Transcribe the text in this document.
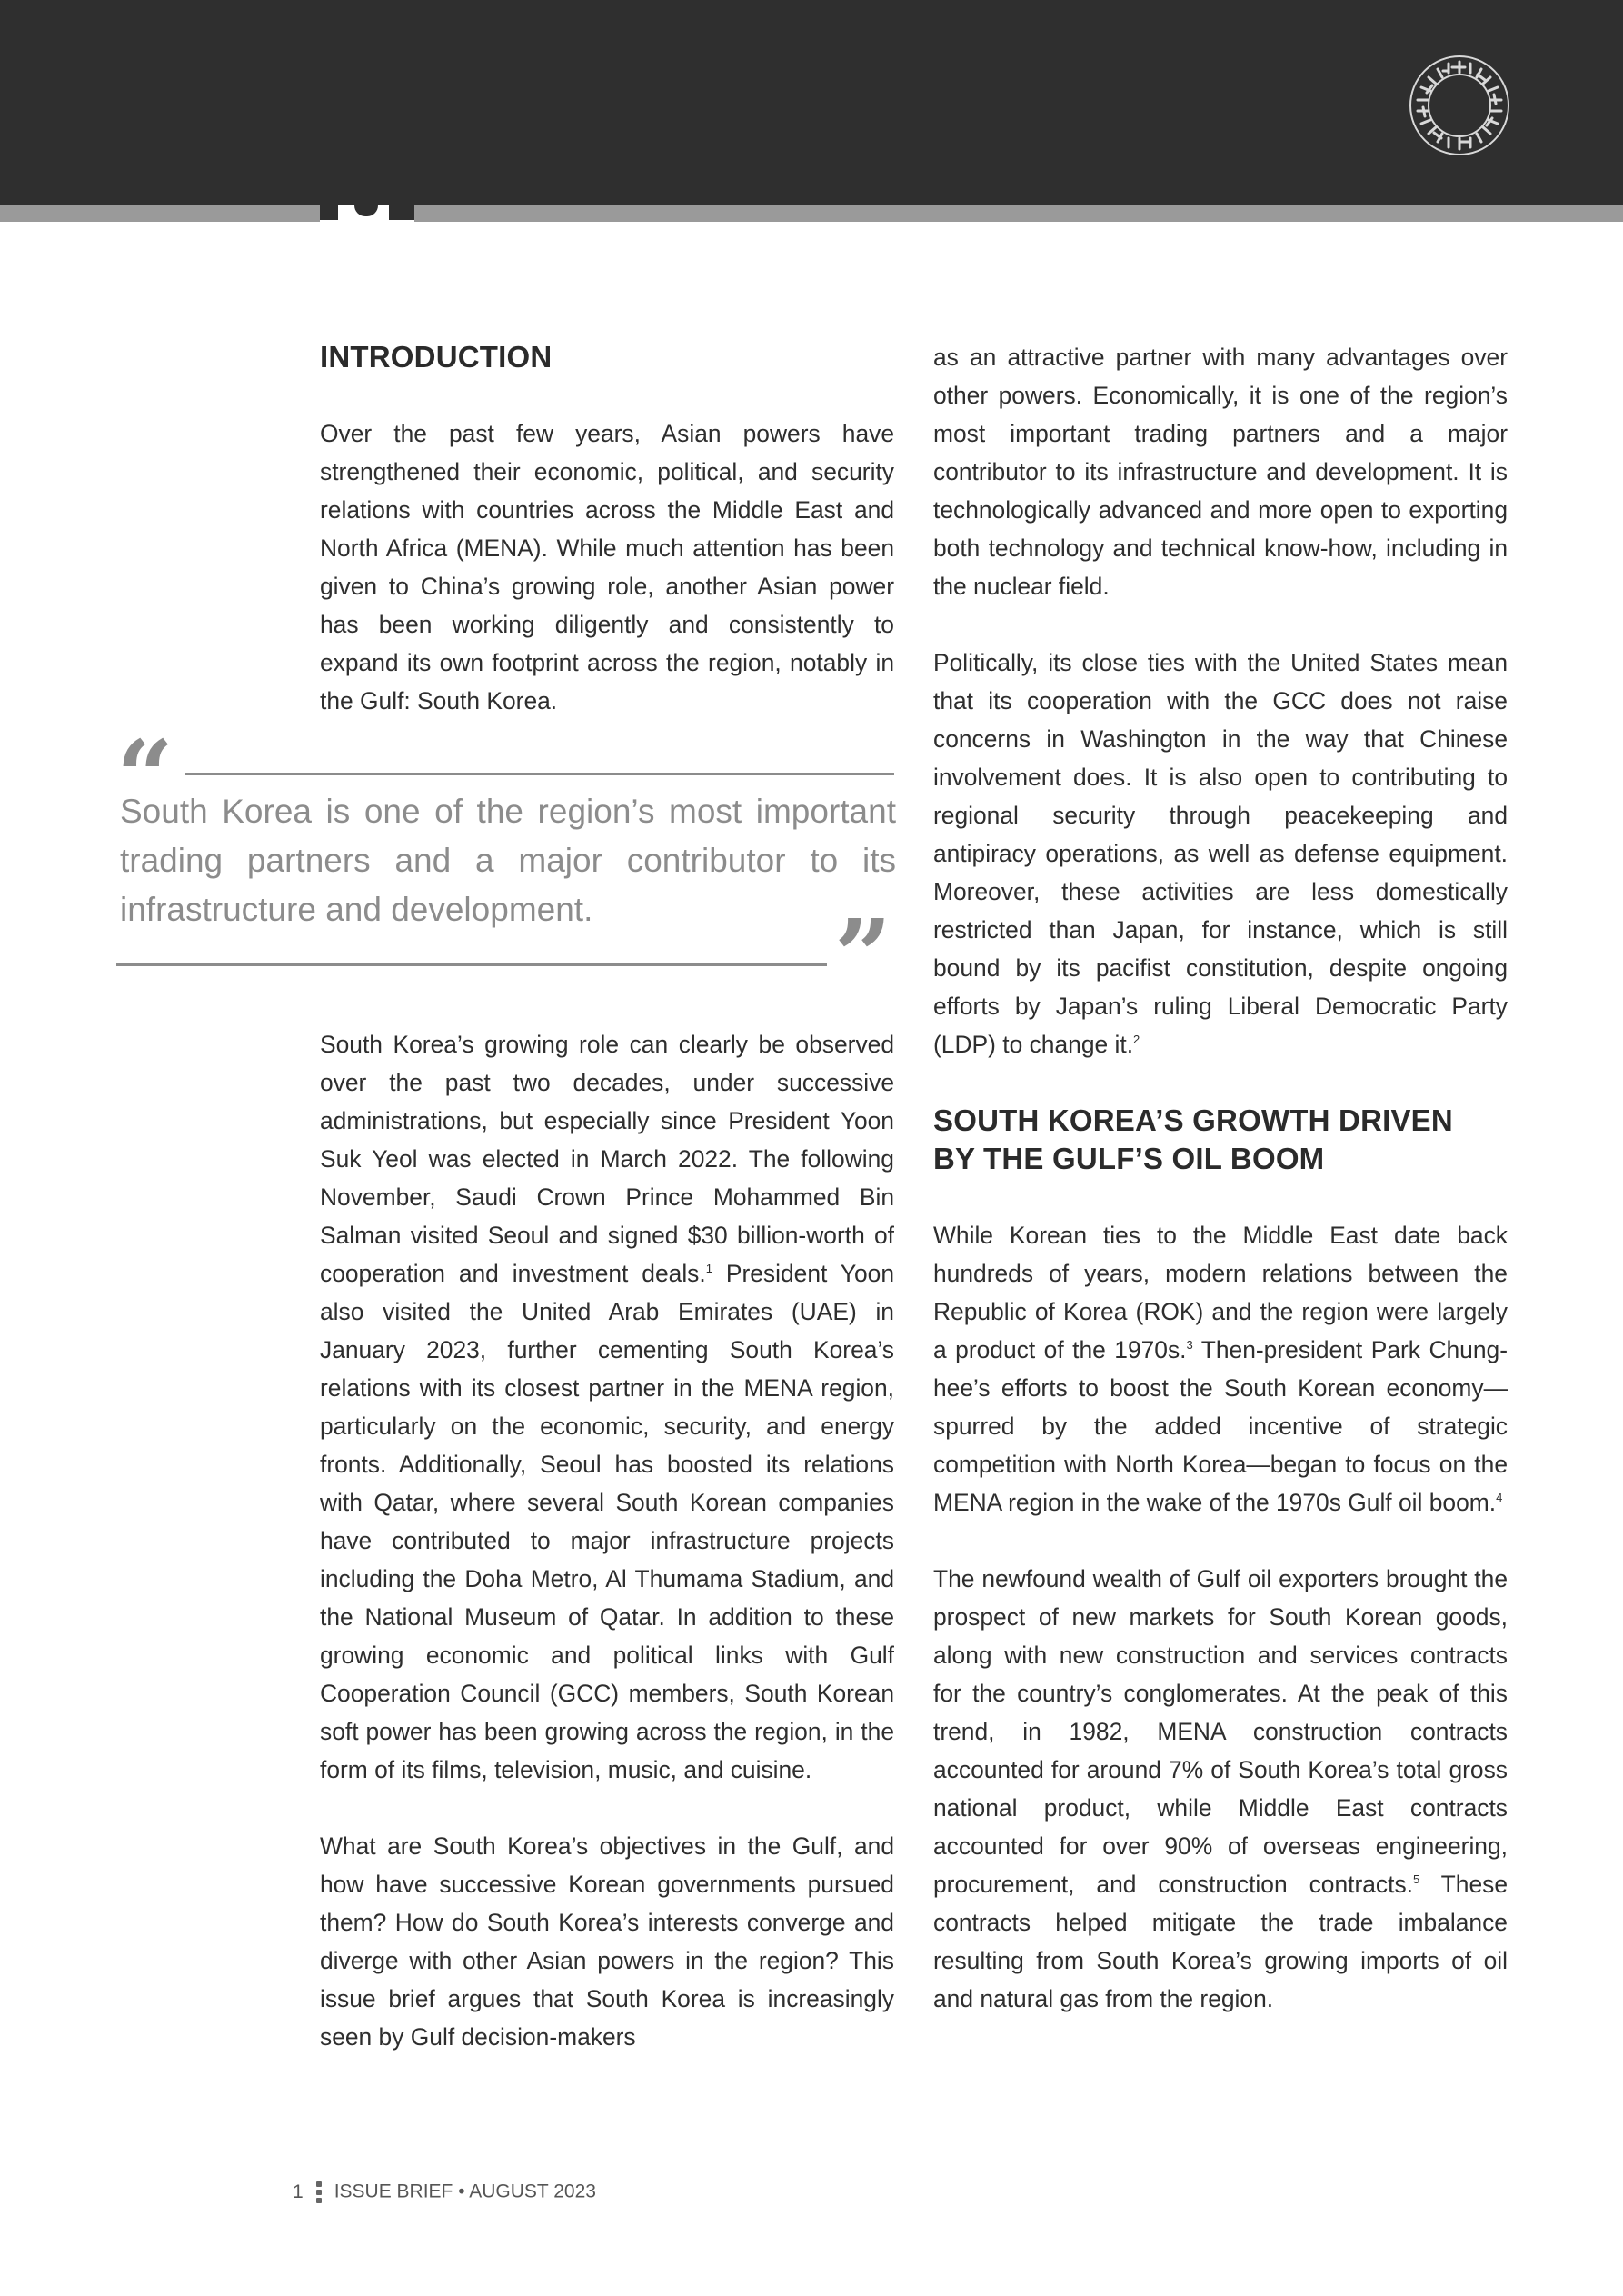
INTRODUCTION

Over the past few years, Asian powers have strengthened their economic, political, and security relations with countries across the Middle East and North Africa (MENA). While much attention has been given to China’s growing role, another Asian power has been working diligently and consistently to expand its own footprint across the region, notably in the Gulf: South Korea.

“
South Korea is one of the region’s most important trading partners and a major contributor to its infrastructure and development.	”

South Korea’s growing role can clearly be observed over the past two decades, under successive administrations, but especially since President Yoon Suk Yeol was elected in March 2022. The following November, Saudi Crown Prince Mohammed Bin Salman visited Seoul and signed $30 billion-worth of cooperation and investment deals.$^1$ President Yoon also visited the United Arab Emirates (UAE) in January 2023, further cementing South Korea’s relations with its closest partner in the MENA region, particularly on the economic, security, and energy fronts. Additionally, Seoul has boosted its relations with Qatar, where several South Korean companies have contributed to major infrastructure projects including the Doha Metro, Al Thumama Stadium, and the National Museum of Qatar. In addition to these growing economic and political links with Gulf Cooperation Council (GCC) members, South Korean soft power has been growing across the region, in the form of its films, television, music, and cuisine.

What are South Korea’s objectives in the Gulf, and how have successive Korean governments pursued them? How do South Korea’s interests converge and diverge with other Asian powers in the region? This issue brief argues that South Korea is increasingly seen by Gulf decision-makers

as an attractive partner with many advantages over other powers. Economically, it is one of the region’s most important trading partners and a major contributor to its infrastructure and development. It is technologically advanced and more open to exporting both technology and technical know-how, including in the nuclear field.

Politically, its close ties with the United States mean that its cooperation with the GCC does not raise concerns in Washington in the way that Chinese involvement does. It is also open to contributing to regional security through peacekeeping and antipiracy operations, as well as defense equipment. Moreover, these activities are less domestically restricted than Japan, for instance, which is still bound by its pacifist constitution, despite ongoing efforts by Japan’s ruling Liberal Democratic Party (LDP) to change it.$^2$

SOUTH KOREA’S GROWTH DRIVEN
BY THE GULF’S OIL BOOM

While Korean ties to the Middle East date back hundreds of years, modern relations between the Republic of Korea (ROK) and the region were largely a product of the 1970s.$^3$ Then-president Park Chung-hee’s efforts to boost the South Korean economy—spurred by the added incentive of strategic competition with North Korea—began to focus on the MENA region in the wake of the 1970s Gulf oil boom.$^4$

The newfound wealth of Gulf oil exporters brought the prospect of new markets for South Korean goods, along with new construction and services contracts for the country’s conglomerates. At the peak of this trend, in 1982, MENA construction contracts accounted for around 7% of South Korea’s total gross national product, while Middle East contracts accounted for over 90% of overseas engineering, procurement, and construction contracts.$^5$ These contracts helped mitigate the trade imbalance resulting from South Korea’s growing imports of oil and natural gas from the region.

1 ISSUE BRIEF • AUGUST 2023
